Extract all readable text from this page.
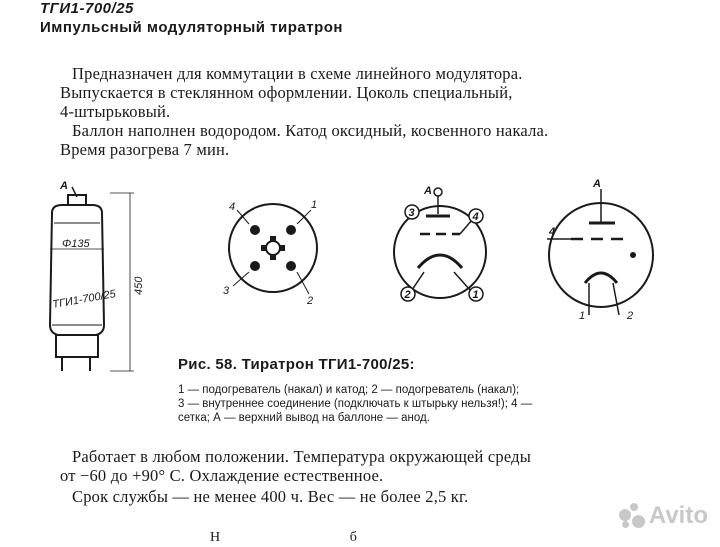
ТГИ1-700/25
Импульсный модуляторный тиратрон
Предназначен для коммутации в схеме линейного модулятора.
Выпускается в стеклянном оформлении. Цоколь специальный,
4-штырьковый.
Баллон наполнен водородом. Катод оксидный, косвенного накала.
Время разогрева 7 мин.
А
Φ135
ТГИ1-700/25
450
4	1
3
2
А
3	4
2	1
А
4
1	2
Рис. 58. Тиратрон ТГИ1-700/25:
1 — подогреватель (накал) и катод; 2 — подогреватель (накал);
3 — внутреннее соединение (подключать к штырьку нельзя!); 4 —
сетка; А — верхний вывод на баллоне — анод.
Работает в любом положении. Температура окружающей среды
от −60 до +90° С. Охлаждение естественное.
Срок службы — не менее 400 ч. Вес — не более 2,5 кг.
Н                                   б
Avito
